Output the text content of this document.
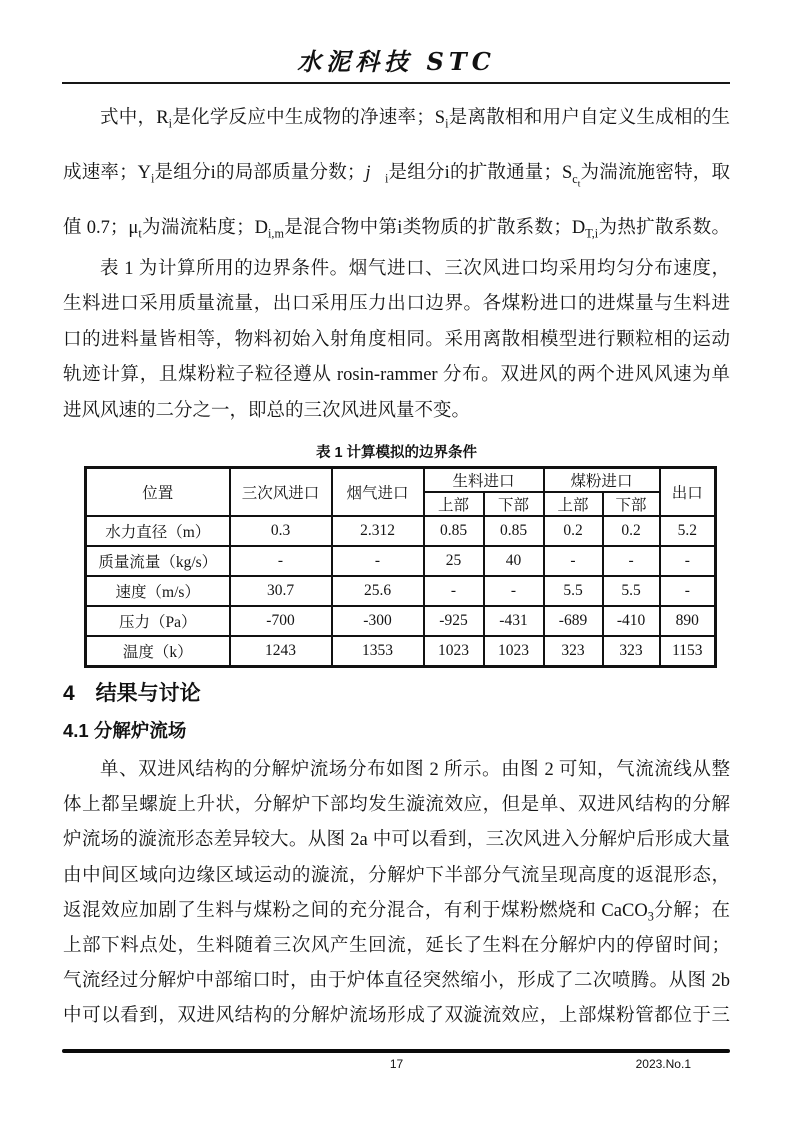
水泥科技 STC
式中，$R_i$是化学反应中生成物的净速率；$S_i$是离散相和用户自定义生成相的生
成速率；$Y_i$是组分i的局部质量分数；$j⃗_i$是组分i的扩散通量；$S_{c_t}$为湍流施密特，取
值 0.7；$\mu_t$为湍流粘度；$D_{i,m}$是混合物中第i类物质的扩散系数；$D_{T,i}$为热扩散系数。
表 1 为计算所用的边界条件。烟气进口、三次风进口均采用均匀分布速度，
生料进口采用质量流量，出口采用压力出口边界。各煤粉进口的进煤量与生料进
口的进料量皆相等，物料初始入射角度相同。采用离散相模型进行颗粒相的运动
轨迹计算，且煤粉粒子粒径遵从 rosin-rammer 分布。双进风的两个进风风速为单
进风风速的二分之一，即总的三次风进风量不变。
表 1 计算模拟的边界条件
位置	三次风进口	烟气进口	生料进口		煤粉进口		出口
			上部	下部	上部	下部	
水力直径（m）	0.3	2.312	0.85	0.85	0.2	0.2	5.2
质量流量（kg/s）	-	-	25	40	-	-	-
速度（m/s）	30.7	25.6	-	-	5.5	5.5	-
压力（Pa）	-700	-300	-925	-431	-689	-410	890
温度（k）	1243	1353	1023	1023	323	323	1153
4　结果与讨论
4.1 分解炉流场
单、双进风结构的分解炉流场分布如图 2 所示。由图 2 可知，气流流线从整
体上都呈螺旋上升状，分解炉下部均发生漩流效应，但是单、双进风结构的分解
炉流场的漩流形态差异较大。从图 2a 中可以看到，三次风进入分解炉后形成大量
由中间区域向边缘区域运动的漩流，分解炉下半部分气流呈现高度的返混形态，
返混效应加剧了生料与煤粉之间的充分混合，有利于煤粉燃烧和 CaCO$_3$分解；在
上部下料点处，生料随着三次风产生回流，延长了生料在分解炉内的停留时间；
气流经过分解炉中部缩口时，由于炉体直径突然缩小，形成了二次喷腾。从图 2b
中可以看到，双进风结构的分解炉流场形成了双漩流效应，上部煤粉管都位于三
17	2023.No.1
